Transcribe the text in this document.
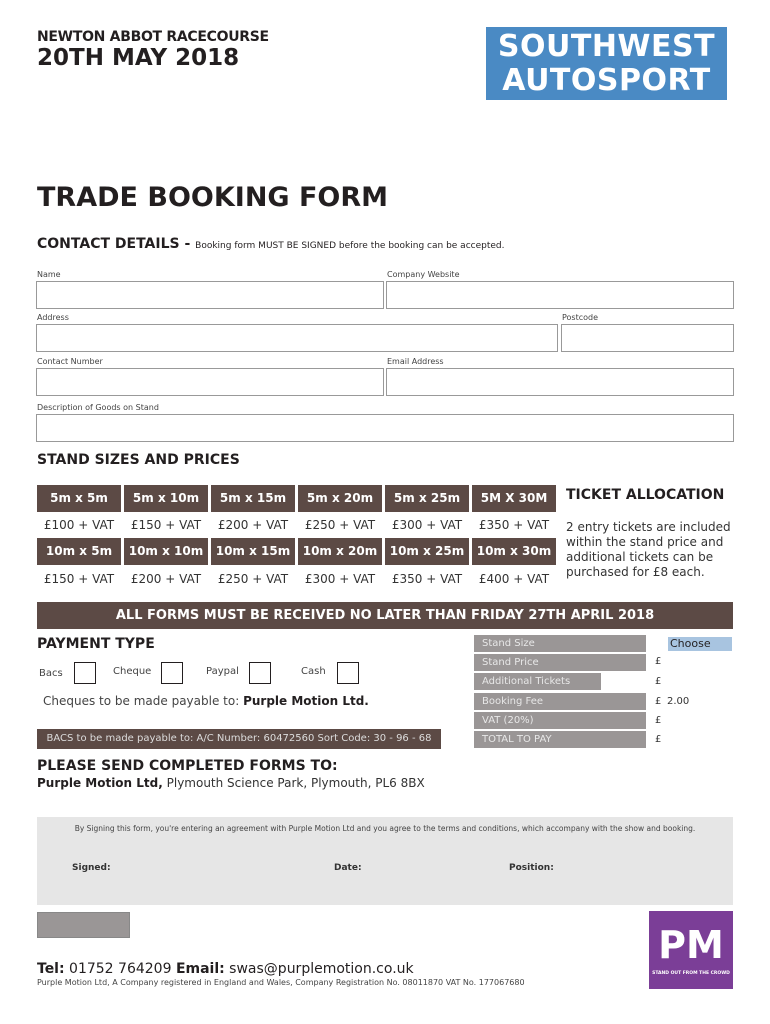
NEWTON ABBOT RACECOURSE
20TH MAY 2018	SOUTHWEST
AUTOSPORT
TRADE BOOKING FORM
CONTACT DETAILS - Booking form MUST BE SIGNED before the booking can be accepted.
Name	Company Website
Address	Postcode
Contact Number	Email Address
Description of Goods on Stand
STAND SIZES AND PRICES
5m x 5m	5m x 10m	5m x 15m	5m x 20m	5m x 25m	5M X 30M
£100 + VAT	£150 + VAT	£200 + VAT	£250 + VAT	£300 + VAT	£350 + VAT
10m x 5m	10m x 10m	10m x 15m	10m x 20m	10m x 25m	10m x 30m
£150 + VAT	£200 + VAT	£250 + VAT	£300 + VAT	£350 + VAT	£400 + VAT
TICKET ALLOCATION
2 entry tickets are included within the stand price and additional tickets can be purchased for £8 each.
ALL FORMS MUST BE RECEIVED NO LATER THAN FRIDAY 27TH APRIL 2018
PAYMENT TYPE
Bacs	Cheque	Paypal	Cash
Cheques to be made payable to: Purple Motion Ltd.
BACS to be made payable to: A/C Number: 60472560 Sort Code: 30 - 96 - 68
Stand Size	Choose
Stand Price	£
Additional Tickets	£
Booking Fee	£ 2.00
VAT (20%)	£
TOTAL TO PAY	£
PLEASE SEND COMPLETED FORMS TO:
Purple Motion Ltd, Plymouth Science Park, Plymouth, PL6 8BX
By Signing this form, you're entering an agreement with Purple Motion Ltd and you agree to the terms and conditions, which accompany with the show and booking.
Signed:	Date:	Position:
PM
STAND OUT FROM THE CROWD
Tel: 01752 764209 Email: swas@purplemotion.co.uk
Purple Motion Ltd, A Company registered in England and Wales, Company Registration No. 08011870 VAT No. 177067680
